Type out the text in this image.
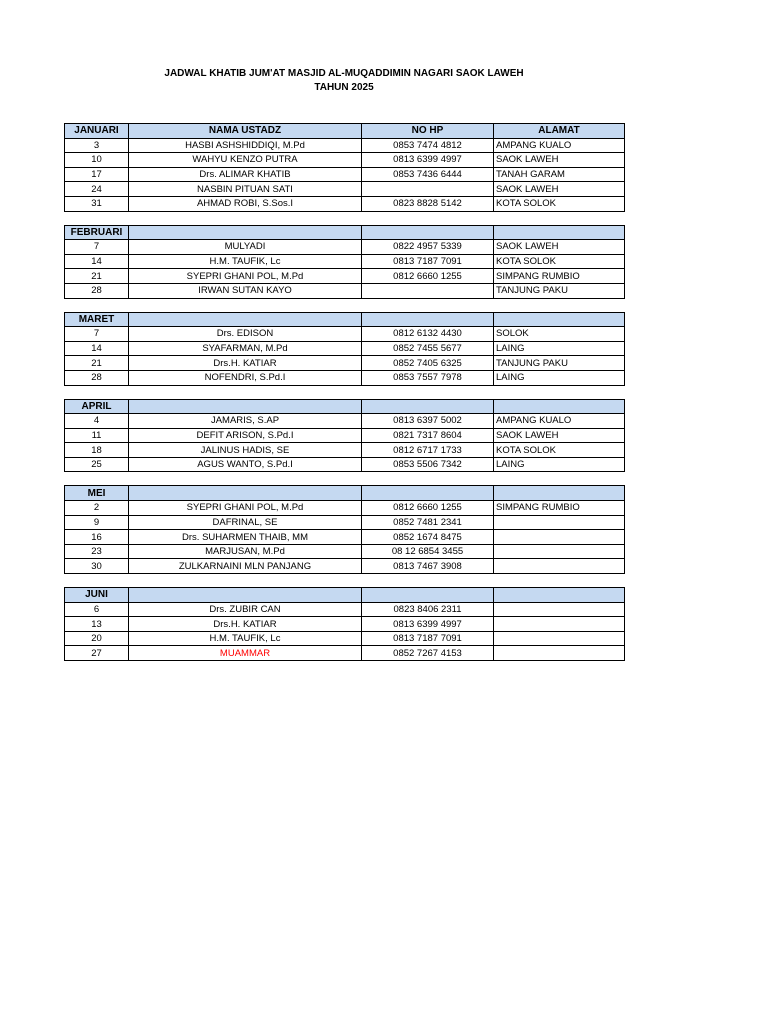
JADWAL KHATIB JUM'AT MASJID AL-MUQADDIMIN NAGARI SAOK LAWEH
TAHUN 2025
JANUARI	NAMA USTADZ	NO HP	ALAMAT
3	HASBI ASHSHIDDIQI, M.Pd	0853 7474 4812	AMPANG KUALO
10	WAHYU KENZO PUTRA	0813 6399 4997	SAOK LAWEH
17	Drs. ALIMAR KHATIB	0853 7436 6444	TANAH GARAM
24	NASBIN PITUAN SATI		SAOK LAWEH
31	AHMAD ROBI, S.Sos.I	0823 8828 5142	KOTA SOLOK
FEBRUARI			
7	MULYADI	0822 4957 5339	SAOK LAWEH
14	H.M. TAUFIK, Lc	0813 7187 7091	KOTA SOLOK
21	SYEPRI GHANI POL, M.Pd	0812 6660 1255	SIMPANG RUMBIO
28	IRWAN SUTAN KAYO		TANJUNG PAKU
MARET			
7	Drs. EDISON	0812 6132 4430	SOLOK
14	SYAFARMAN, M.Pd	0852 7455 5677	LAING
21	Drs.H. KATIAR	0852 7405 6325	TANJUNG PAKU
28	NOFENDRI, S.Pd.I	0853 7557 7978	LAING
APRIL			
4	JAMARIS, S.AP	0813 6397 5002	AMPANG KUALO
11	DEFIT ARISON, S.Pd.I	0821 7317 8604	SAOK LAWEH
18	JALINUS HADIS, SE	0812 6717 1733	KOTA SOLOK
25	AGUS WANTO, S.Pd.I	0853 5506 7342	LAING
MEI			
2	SYEPRI GHANI POL, M.Pd	0812 6660 1255	SIMPANG RUMBIO
9	DAFRINAL, SE	0852 7481 2341	
16	Drs. SUHARMEN THAIB, MM	0852 1674 8475	
23	MARJUSAN, M.Pd	08 12 6854 3455	
30	ZULKARNAINI MLN PANJANG	0813 7467 3908	
JUNI			
6	Drs. ZUBIR CAN	0823 8406 2311	
13	Drs.H. KATIAR	0813 6399 4997	
20	H.M. TAUFIK, Lc	0813 7187 7091	
27	MUAMMAR	0852 7267 4153	
